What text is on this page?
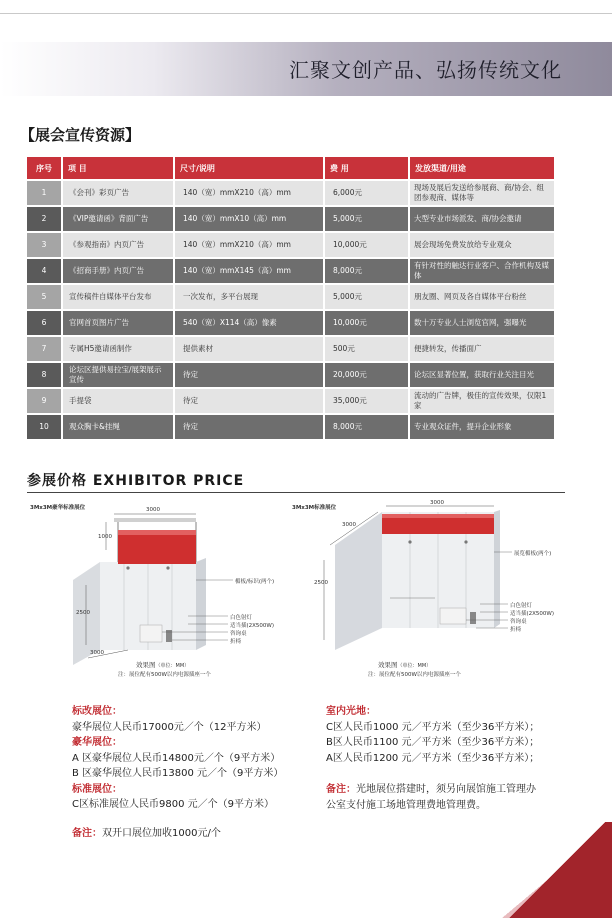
汇聚文创产品、弘扬传统文化
【展会宣传资源】
序号	项 目	尺寸/说明	费 用	发放渠道/用途
1	《会刊》彩页广告	140（宽）mmX210（高）mm	6,000元	现场及展后发送给参展商、商/协会、组团参观商、媒体等
2	《VIP邀请函》背面广告	140（宽）mmX10（高）mm	5,000元	大型专业市场派发、商/协会邀请
3	《参观指南》内页广告	140（宽）mmX210（高）mm	10,000元	展会现场免费发放给专业观众
4	《招商手册》内页广告	140（宽）mmX145（高）mm	8,000元	有针对性的触达行业客户、合作机构及媒体
5	宣传稿件自媒体平台发布	一次发布，多平台展现	5,000元	朋友圈、网页及各自媒体平台粉丝
6	官网首页图片广告	540（宽）X114（高）像素	10,000元	数十万专业人士浏览官网，强曝光
7	专属H5邀请函制作	提供素材	500元	便捷转发，传播面广
8	论坛区提供易拉宝/展架展示宣传	待定	20,000元	论坛区显著位置，获取行业关注目光
9	手提袋	待定	35,000元	流动的广告牌，极佳的宣传效果，仅限1家
10	观众胸卡&挂绳	待定	8,000元	专业观众证件，提升企业形象
参展价格 EXHIBITOR PRICE
3Mx3M豪华标准展位	3000
1000
2500
3000
楣板/标识(两个)
白色射灯
适当插(2X500W)
咨询桌
折椅
效果图（单位：MM）
注：展位配有500W以内电源插座一个
3Mx3M标准展位
3000
3000
2500
展览楣板(两个)
白色射灯
适当插(2X500W)
咨询桌
折椅
效果图（单位：MM）
注：展位配有500W以内电源插座一个
标改展位：
豪华展位人民币17000元／个（12平方米）
豪华展位：
A 区豪华展位人民币14800元／个（9平方米）
B 区豪华展位人民币13800 元／个（9平方米）
标准展位：
C区标准展位人民币9800 元／个（9平方米）
备注：双开口展位加收1000元/个
室内光地：
C区人民币1000 元／平方米（至少36平方米）；
B区人民币1100 元／平方米（至少36平方米）；
A区人民币1200 元／平方米（至少36平方米）；
备注：光地展位搭建时，须另向展馆施工管理办
公室支付施工场地管理费地管理费。
